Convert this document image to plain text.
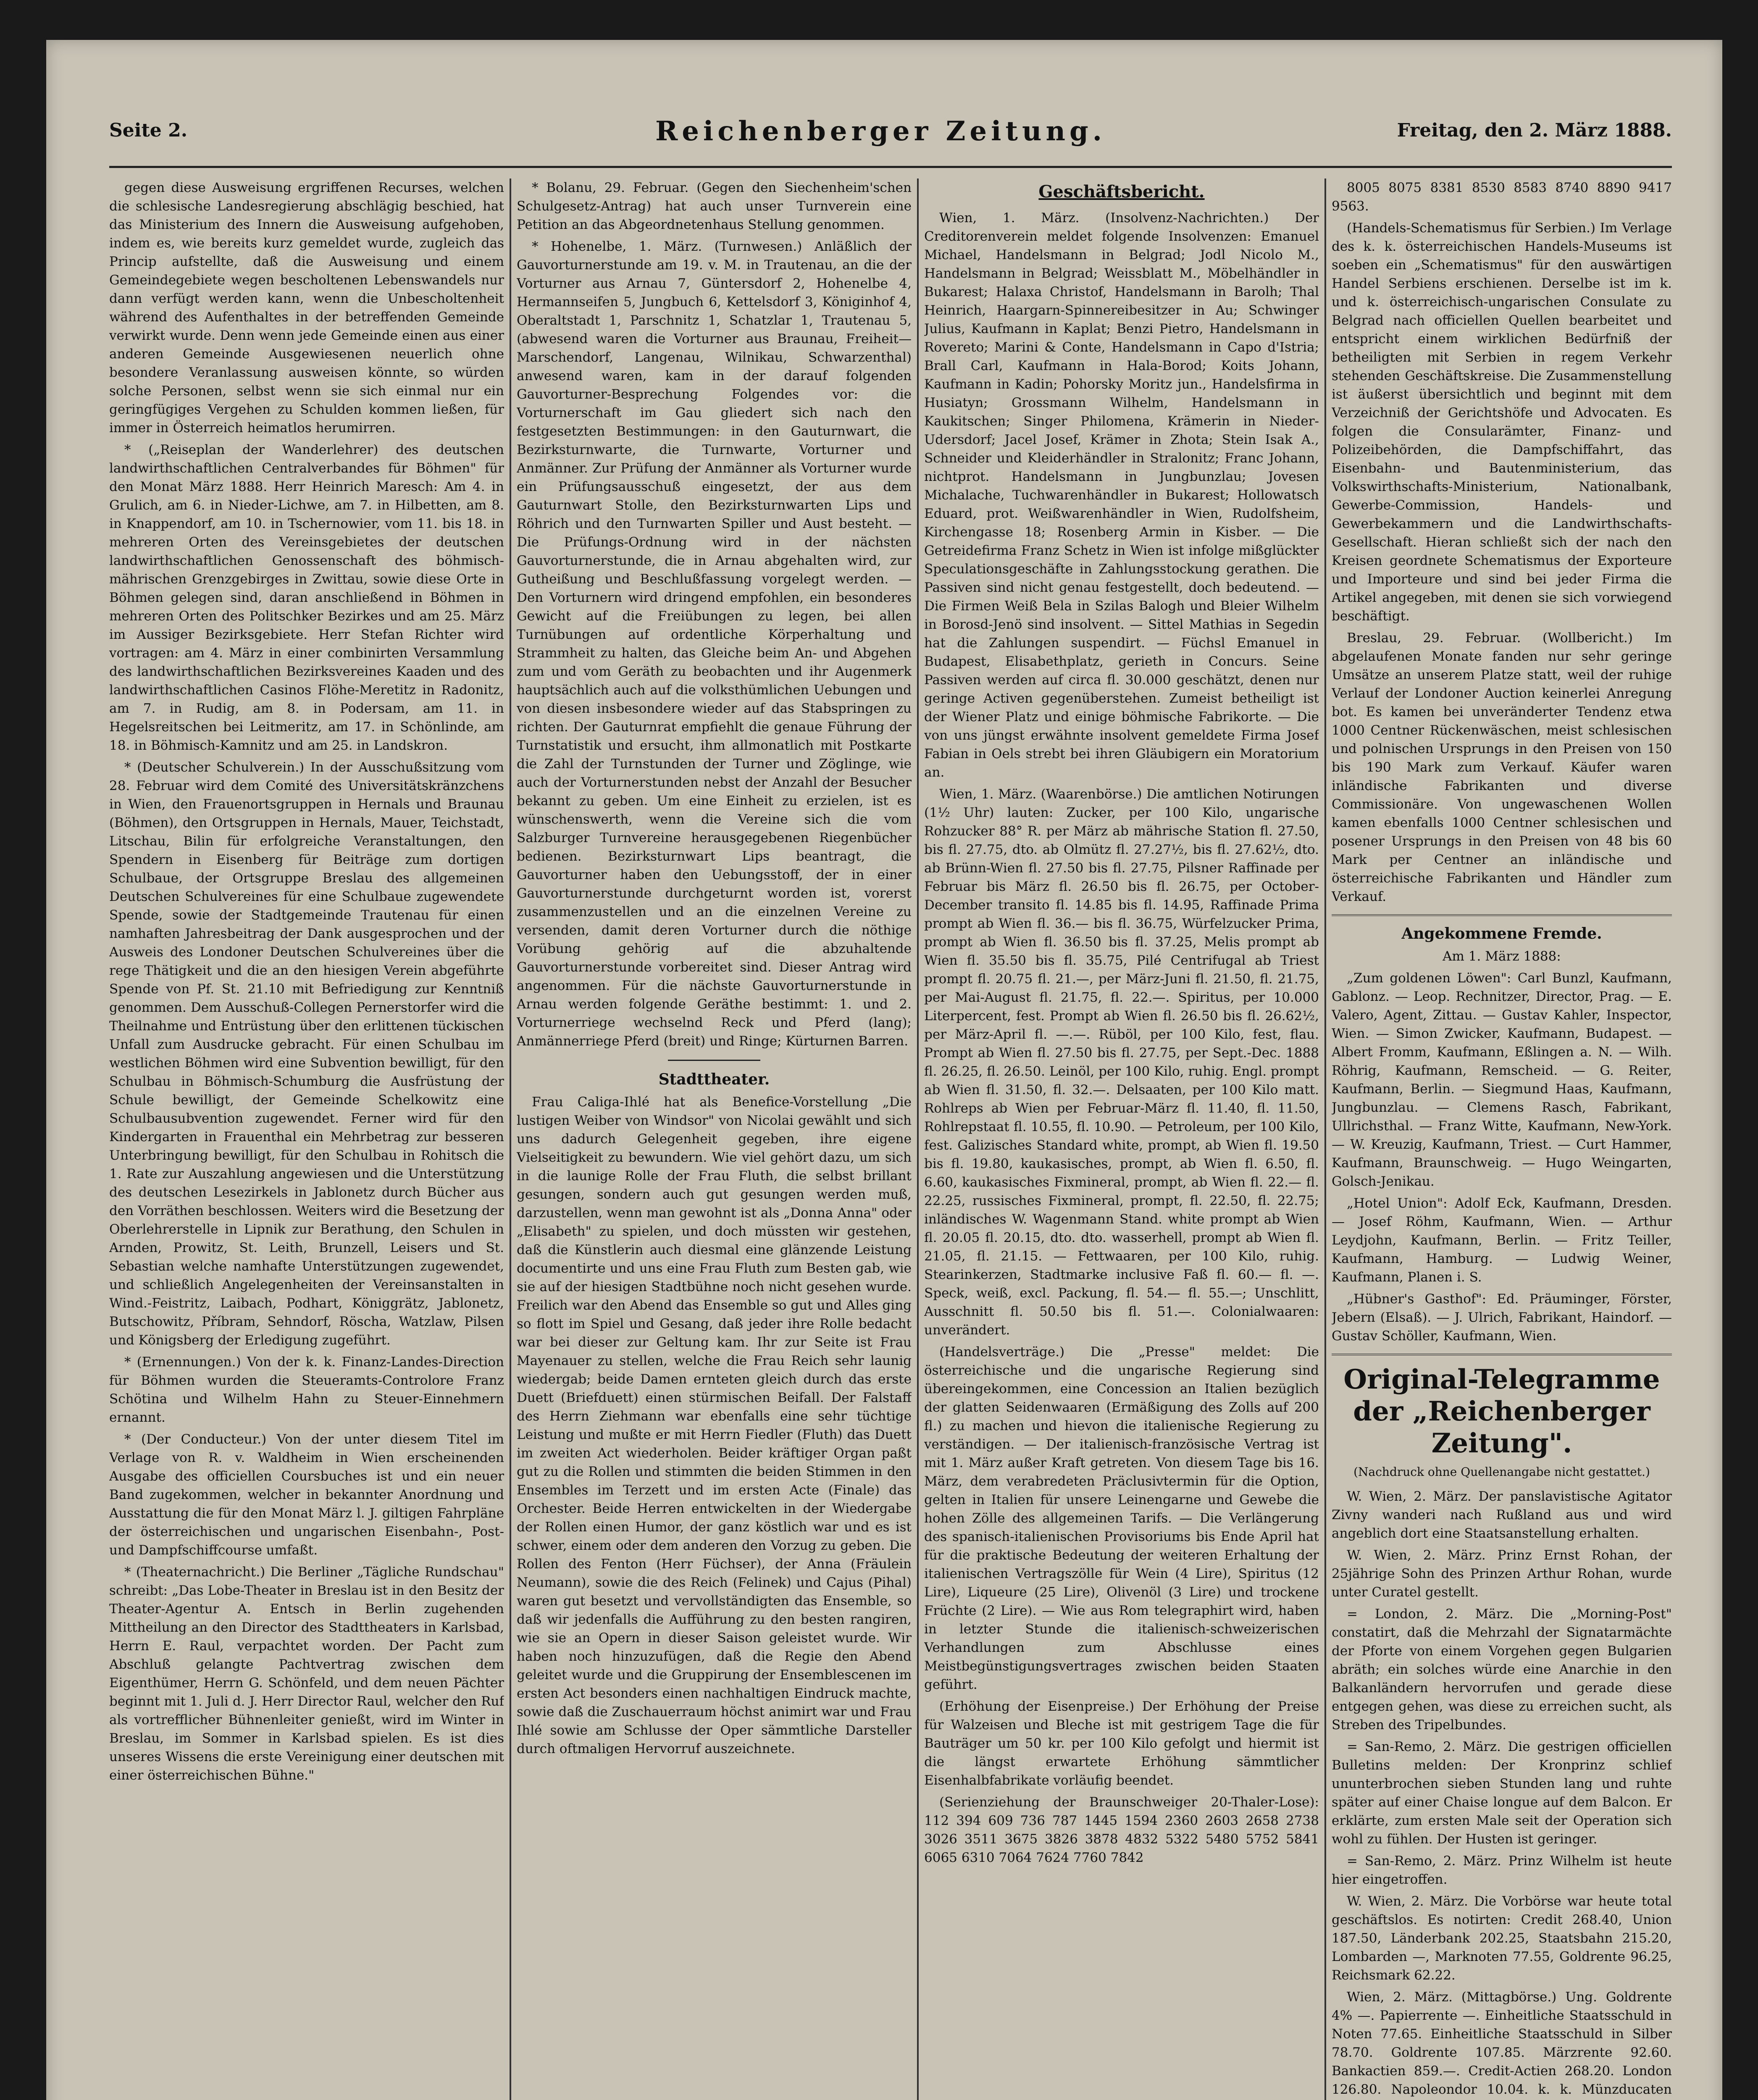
Seite 2.	Reichenberger Zeitung.	Freitag, den 2. März 1888.

gegen diese Ausweisung ergriffenen Recurses, welchen die schlesische Landesregierung abschlägig beschied, hat das Ministerium des Innern die Ausweisung aufgehoben, indem es, wie bereits kurz gemeldet wurde, zugleich das Princip aufstellte, daß die Ausweisung und einem Gemeindegebiete wegen bescholtenen Lebenswandels nur dann verfügt werden kann, wenn die Unbescholtenheit während des Aufenthaltes in der betreffenden Gemeinde verwirkt wurde. Denn wenn jede Gemeinde einen aus einer anderen Gemeinde Ausgewiesenen neuerlich ohne besondere Veranlassung ausweisen könnte, so würden solche Personen, selbst wenn sie sich einmal nur ein geringfügiges Vergehen zu Schulden kommen ließen, für immer in Österreich heimatlos herumirren.

* („Reiseplan der Wanderlehrer) des deutschen landwirthschaftlichen Centralverbandes für Böhmen" für den Monat März 1888. Herr Heinrich Maresch: Am 4. in Grulich, am 6. in Nieder-Lichwe, am 7. in Hilbetten, am 8. in Knappendorf, am 10. in Tschernowier, vom 11. bis 18. in mehreren Orten des Vereinsgebietes der deutschen landwirthschaftlichen Genossenschaft des böhmisch-mährischen Grenzgebirges in Zwittau, sowie diese Orte in Böhmen gelegen sind, daran anschließend in Böhmen in mehreren Orten des Politschker Bezirkes und am 25. März im Aussiger Bezirksgebiete. Herr Stefan Richter wird vortragen: am 4. März in einer combinirten Versammlung des landwirthschaftlichen Bezirksvereines Kaaden und des landwirthschaftlichen Casinos Flöhe-Meretitz in Radonitz, am 7. in Rudig, am 8. in Podersam, am 11. in Hegelsreitschen bei Leitmeritz, am 17. in Schönlinde, am 18. in Böhmisch-Kamnitz und am 25. in Landskron.

* (Deutscher Schulverein.) In der Ausschußsitzung vom 28. Februar wird dem Comité des Universitätskränzchens in Wien, den Frauenortsgruppen in Hernals und Braunau (Böhmen), den Ortsgruppen in Hernals, Mauer, Teichstadt, Litschau, Bilin für erfolgreiche Veranstaltungen, den Spendern in Eisenberg für Beiträge zum dortigen Schulbaue, der Ortsgruppe Breslau des allgemeinen Deutschen Schulvereines für eine Schulbaue zugewendete Spende, sowie der Stadtgemeinde Trautenau für einen namhaften Jahresbeitrag der Dank ausgesprochen und der Ausweis des Londoner Deutschen Schulvereines über die rege Thätigkeit und die an den hiesigen Verein abgeführte Spende von Pf. St. 21.10 mit Befriedigung zur Kenntniß genommen. Dem Ausschuß-Collegen Pernerstorfer wird die Theilnahme und Entrüstung über den erlittenen tückischen Unfall zum Ausdrucke gebracht. Für einen Schulbau im westlichen Böhmen wird eine Subvention bewilligt, für den Schulbau in Böhmisch-Schumburg die Ausfrüstung der Schule bewilligt, der Gemeinde Schelkowitz eine Schulbausubvention zugewendet. Ferner wird für den Kindergarten in Frauenthal ein Mehrbetrag zur besseren Unterbringung bewilligt, für den Schulbau in Rohitsch die 1. Rate zur Auszahlung angewiesen und die Unterstützung des deutschen Lesezirkels in Jablonetz durch Bücher aus den Vorräthen beschlossen. Weiters wird die Besetzung der Oberlehrerstelle in Lipnik zur Berathung, den Schulen in Arnden, Prowitz, St. Leith, Brunzell, Leisers und St. Sebastian welche namhafte Unterstützungen zugewendet, und schließlich Angelegenheiten der Vereinsanstalten in Wind.-Feistritz, Laibach, Podhart, Königgrätz, Jablonetz, Butschowitz, Příbram, Sehndorf, Röscha, Watzlaw, Pilsen und Königsberg der Erledigung zugeführt.

* (Ernennungen.) Von der k. k. Finanz-Landes-Direction für Böhmen wurden die Steueramts-Controlore Franz Schötina und Wilhelm Hahn zu Steuer-Einnehmern ernannt.

* (Der Conducteur.) Von der unter diesem Titel im Verlage von R. v. Waldheim in Wien erscheinenden Ausgabe des officiellen Coursbuches ist und ein neuer Band zugekommen, welcher in bekannter Anordnung und Ausstattung die für den Monat März l. J. giltigen Fahrpläne der österreichischen und ungarischen Eisenbahn-, Post- und Dampfschiffcourse umfaßt.

* (Theaternachricht.) Die Berliner „Tägliche Rundschau" schreibt: „Das Lobe-Theater in Breslau ist in den Besitz der Theater-Agentur A. Entsch in Berlin zugehenden Mittheilung an den Director des Stadttheaters in Karlsbad, Herrn E. Raul, verpachtet worden. Der Pacht zum Abschluß gelangte Pachtvertrag zwischen dem Eigenthümer, Herrn G. Schönfeld, und dem neuen Pächter beginnt mit 1. Juli d. J. Herr Director Raul, welcher den Ruf als vortrefflicher Bühnenleiter genießt, wird im Winter in Breslau, im Sommer in Karlsbad spielen. Es ist dies unseres Wissens die erste Vereinigung einer deutschen mit einer österreichischen Bühne."

* Bolanu, 29. Februar. (Gegen den Siechenheim'schen Schulgesetz-Antrag) hat auch unser Turnverein eine Petition an das Abgeordnetenhaus Stellung genommen.

* Hohenelbe, 1. März. (Turnwesen.) Anläßlich der Gauvorturnerstunde am 19. v. M. in Trautenau, an die der Vorturner aus Arnau 7, Güntersdorf 2, Hohenelbe 4, Hermannseifen 5, Jungbuch 6, Kettelsdorf 3, Königinhof 4, Oberaltstadt 1, Parschnitz 1, Schatzlar 1, Trautenau 5, (abwesend waren die Vorturner aus Braunau, Freiheit—Marschendorf, Langenau, Wilnikau, Schwarzenthal) anwesend waren, kam in der darauf folgenden Gauvorturner-Besprechung Folgendes vor: die Vorturnerschaft im Gau gliedert sich nach den festgesetzten Bestimmungen: in den Gauturnwart, die Bezirksturnwarte, die Turnwarte, Vorturner und Anmänner. Zur Prüfung der Anmänner als Vorturner wurde ein Prüfungsausschuß eingesetzt, der aus dem Gauturnwart Stolle, den Bezirksturnwarten Lips und Röhrich und den Turnwarten Spiller und Aust besteht. — Die Prüfungs-Ordnung wird in der nächsten Gauvorturnerstunde, die in Arnau abgehalten wird, zur Gutheißung und Beschlußfassung vorgelegt werden. — Den Vorturnern wird dringend empfohlen, ein besonderes Gewicht auf die Freiübungen zu legen, bei allen Turnübungen auf ordentliche Körperhaltung und Strammheit zu halten, das Gleiche beim An- und Abgehen zum und vom Geräth zu beobachten und ihr Augenmerk hauptsächlich auch auf die volksthümlichen Uebungen und von diesen insbesondere wieder auf das Stabspringen zu richten. Der Gauturnrat empfiehlt die genaue Führung der Turnstatistik und ersucht, ihm allmonatlich mit Postkarte die Zahl der Turnstunden der Turner und Zöglinge, wie auch der Vorturnerstunden nebst der Anzahl der Besucher bekannt zu geben. Um eine Einheit zu erzielen, ist es wünschenswerth, wenn die Vereine sich die vom Salzburger Turnvereine herausgegebenen Riegenbücher bedienen. Bezirksturnwart Lips beantragt, die Gauvorturner haben den Uebungsstoff, der in einer Gauvorturnerstunde durchgeturnt worden ist, vorerst zusammenzustellen und an die einzelnen Vereine zu versenden, damit deren Vorturner durch die nöthige Vorübung gehörig auf die abzuhaltende Gauvorturnerstunde vorbereitet sind. Dieser Antrag wird angenommen. Für die nächste Gauvorturnerstunde in Arnau werden folgende Geräthe bestimmt: 1. und 2. Vorturnerriege wechselnd Reck und Pferd (lang); Anmännerriege Pferd (breit) und Ringe; Kürturnen Barren.

Stadttheater.

Frau Caliga-Ihlé hat als Benefice-Vorstellung „Die lustigen Weiber von Windsor" von Nicolai gewählt und sich uns dadurch Gelegenheit gegeben, ihre eigene Vielseitigkeit zu bewundern. Wie viel gehört dazu, um sich in die launige Rolle der Frau Fluth, die selbst brillant gesungen, sondern auch gut gesungen werden muß, darzustellen, wenn man gewohnt ist als „Donna Anna" oder „Elisabeth" zu spielen, und doch müssten wir gestehen, daß die Künstlerin auch diesmal eine glänzende Leistung documentirte und uns eine Frau Fluth zum Besten gab, wie sie auf der hiesigen Stadtbühne noch nicht gesehen wurde. Freilich war den Abend das Ensemble so gut und Alles ging so flott im Spiel und Gesang, daß jeder ihre Rolle bedacht war bei dieser zur Geltung kam. Ihr zur Seite ist Frau Mayenauer zu stellen, welche die Frau Reich sehr launig wiedergab; beide Damen ernteten gleich durch das erste Duett (Briefduett) einen stürmischen Beifall. Der Falstaff des Herrn Ziehmann war ebenfalls eine sehr tüchtige Leistung und mußte er mit Herrn Fiedler (Fluth) das Duett im zweiten Act wiederholen. Beider kräftiger Organ paßt gut zu die Rollen und stimmten die beiden Stimmen in den Ensembles im Terzett und im ersten Acte (Finale) das Orchester. Beide Herren entwickelten in der Wiedergabe der Rollen einen Humor, der ganz köstlich war und es ist schwer, einem oder dem anderen den Vorzug zu geben. Die Rollen des Fenton (Herr Füchser), der Anna (Fräulein Neumann), sowie die des Reich (Felinek) und Cajus (Pihal) waren gut besetzt und vervollständigten das Ensemble, so daß wir jedenfalls die Aufführung zu den besten rangiren, wie sie an Opern in dieser Saison geleistet wurde. Wir haben noch hinzuzufügen, daß die Regie den Abend geleitet wurde und die Gruppirung der Ensemblescenen im ersten Act besonders einen nachhaltigen Eindruck machte, sowie daß die Zuschauerraum höchst animirt war und Frau Ihlé sowie am Schlusse der Oper sämmtliche Darsteller durch oftmaligen Hervorruf auszeichnete.

Geschäftsbericht.

Wien, 1. März. (Insolvenz-Nachrichten.) Der Creditorenverein meldet folgende Insolvenzen: Emanuel Michael, Handelsmann in Belgrad; Jodl Nicolo M., Handelsmann in Belgrad; Weissblatt M., Möbelhändler in Bukarest; Halaxa Christof, Handelsmann in Barolh; Thal Heinrich, Haargarn-Spinnereibesitzer in Au; Schwinger Julius, Kaufmann in Kaplat; Benzi Pietro, Handelsmann in Rovereto; Marini & Conte, Handelsmann in Capo d'Istria; Brall Carl, Kaufmann in Hala-Borod; Koits Johann, Kaufmann in Kadin; Pohorsky Moritz jun., Handelsfirma in Husiatyn; Grossmann Wilhelm, Handelsmann in Kaukitschen; Singer Philomena, Krämerin in Nieder-Udersdorf; Jacel Josef, Krämer in Zhota; Stein Isak A., Schneider und Kleiderhändler in Stralonitz; Franc Johann, nichtprot. Handelsmann in Jungbunzlau; Jovesen Michalache, Tuchwarenhändler in Bukarest; Hollowatsch Eduard, prot. Weißwarenhändler in Wien, Rudolfsheim, Kirchengasse 18; Rosenberg Armin in Kisber. — Die Getreidefirma Franz Schetz in Wien ist infolge mißglückter Speculationsgeschäfte in Zahlungsstockung gerathen. Die Passiven sind nicht genau festgestellt, doch bedeutend. — Die Firmen Weiß Bela in Szilas Balogh und Bleier Wilhelm in Borosd-Jenö sind insolvent. — Sittel Mathias in Segedin hat die Zahlungen suspendirt. — Füchsl Emanuel in Budapest, Elisabethplatz, gerieth in Concurs. Seine Passiven werden auf circa fl. 30.000 geschätzt, denen nur geringe Activen gegenüberstehen. Zumeist betheiligt ist der Wiener Platz und einige böhmische Fabrikorte. — Die von uns jüngst erwähnte insolvent gemeldete Firma Josef Fabian in Oels strebt bei ihren Gläubigern ein Moratorium an.

Wien, 1. März. (Waarenbörse.) Die amtlichen Notirungen (1½ Uhr) lauten: Zucker, per 100 Kilo, ungarische Rohzucker 88° R. per März ab mährische Station fl. 27.50, bis fl. 27.75, dto. ab Olmütz fl. 27.27½, bis fl. 27.62½, dto. ab Brünn-Wien fl. 27.50 bis fl. 27.75, Pilsner Raffinade per Februar bis März fl. 26.50 bis fl. 26.75, per October-December transito fl. 14.85 bis fl. 14.95, Raffinade Prima prompt ab Wien fl. 36.— bis fl. 36.75, Würfelzucker Prima, prompt ab Wien fl. 36.50 bis fl. 37.25, Melis prompt ab Wien fl. 35.50 bis fl. 35.75, Pilé Centrifugal ab Triest prompt fl. 20.75 fl. 21.—, per März-Juni fl. 21.50, fl. 21.75, per Mai-August fl. 21.75, fl. 22.—. Spiritus, per 10.000 Literpercent, fest. Prompt ab Wien fl. 26.50 bis fl. 26.62½, per März-April fl. —.—. Rüböl, per 100 Kilo, fest, flau. Prompt ab Wien fl. 27.50 bis fl. 27.75, per Sept.-Dec. 1888 fl. 26.25, fl. 26.50. Leinöl, per 100 Kilo, ruhig. Engl. prompt ab Wien fl. 31.50, fl. 32.—. Delsaaten, per 100 Kilo matt. Rohlreps ab Wien per Februar-März fl. 11.40, fl. 11.50, Rohlrepstaat fl. 10.55, fl. 10.90. — Petroleum, per 100 Kilo, fest. Galizisches Standard white, prompt, ab Wien fl. 19.50 bis fl. 19.80, kaukasisches, prompt, ab Wien fl. 6.50, fl. 6.60, kaukasisches Fixmineral, prompt, ab Wien fl. 22.— fl. 22.25, russisches Fixmineral, prompt, fl. 22.50, fl. 22.75; inländisches W. Wagenmann Stand. white prompt ab Wien fl. 20.05 fl. 20.15, dto. dto. wasserhell, prompt ab Wien fl. 21.05, fl. 21.15. — Fettwaaren, per 100 Kilo, ruhig. Stearinkerzen, Stadtmarke inclusive Faß fl. 60.— fl. —. Speck, weiß, excl. Packung, fl. 54.— fl. 55.—; Unschlitt, Ausschnitt fl. 50.50 bis fl. 51.—. Colonialwaaren: unverändert.

(Handelsverträge.) Die „Presse" meldet: Die österreichische und die ungarische Regierung sind übereingekommen, eine Concession an Italien bezüglich der glatten Seidenwaaren (Ermäßigung des Zolls auf 200 fl.) zu machen und hievon die italienische Regierung zu verständigen. — Der italienisch-französische Vertrag ist mit 1. März außer Kraft getreten. Von diesem Tage bis 16. März, dem verabredeten Präclusivtermin für die Option, gelten in Italien für unsere Leinengarne und Gewebe die hohen Zölle des allgemeinen Tarifs. — Die Verlängerung des spanisch-italienischen Provisoriums bis Ende April hat für die praktische Bedeutung der weiteren Erhaltung der italienischen Vertragszölle für Wein (4 Lire), Spiritus (12 Lire), Liqueure (25 Lire), Olivenöl (3 Lire) und trockene Früchte (2 Lire). — Wie aus Rom telegraphirt wird, haben in letzter Stunde die italienisch-schweizerischen Verhandlungen zum Abschlusse eines Meistbegünstigungsvertrages zwischen beiden Staaten geführt.

(Erhöhung der Eisenpreise.) Der Erhöhung der Preise für Walzeisen und Bleche ist mit gestrigem Tage die für Bauträger um 50 kr. per 100 Kilo gefolgt und hiermit ist die längst erwartete Erhöhung sämmtlicher Eisenhalbfabrikate vorläufig beendet.

(Serienziehung der Braunschweiger 20-Thaler-Lose): 112 394 609 736 787 1445 1594 2360 2603 2658 2738 3026 3511 3675 3826 3878 4832 5322 5480 5752 5841 6065 6310 7064 7624 7760 7842

8005 8075 8381 8530 8583 8740 8890 9417 9563.

(Handels-Schematismus für Serbien.) Im Verlage des k. k. österreichischen Handels-Museums ist soeben ein „Schematismus" für den auswärtigen Handel Serbiens erschienen. Derselbe ist im k. und k. österreichisch-ungarischen Consulate zu Belgrad nach officiellen Quellen bearbeitet und entspricht einem wirklichen Bedürfniß der betheiligten mit Serbien in regem Verkehr stehenden Geschäftskreise. Die Zusammenstellung ist äußerst übersichtlich und beginnt mit dem Verzeichniß der Gerichtshöfe und Advocaten. Es folgen die Consularämter, Finanz- und Polizeibehörden, die Dampfschiffahrt, das Eisenbahn- und Bautenministerium, das Volkswirthschafts-Ministerium, Nationalbank, Gewerbe-Commission, Handels- und Gewerbekammern und die Landwirthschafts-Gesellschaft. Hieran schließt sich der nach den Kreisen geordnete Schematismus der Exporteure und Importeure und sind bei jeder Firma die Artikel angegeben, mit denen sie sich vorwiegend beschäftigt.

Breslau, 29. Februar. (Wollbericht.) Im abgelaufenen Monate fanden nur sehr geringe Umsätze an unserem Platze statt, weil der ruhige Verlauf der Londoner Auction keinerlei Anregung bot. Es kamen bei unveränderter Tendenz etwa 1000 Centner Rückenwäschen, meist schlesischen und polnischen Ursprungs in den Preisen von 150 bis 190 Mark zum Verkauf. Käufer waren inländische Fabrikanten und diverse Commissionäre. Von ungewaschenen Wollen kamen ebenfalls 1000 Centner schlesischen und posener Ursprungs in den Preisen von 48 bis 60 Mark per Centner an inländische und österreichische Fabrikanten und Händler zum Verkauf.

Angekommene Fremde.

Am 1. März 1888:

„Zum goldenen Löwen": Carl Bunzl, Kaufmann, Gablonz. — Leop. Rechnitzer, Director, Prag. — E. Valero, Agent, Zittau. — Gustav Kahler, Inspector, Wien. — Simon Zwicker, Kaufmann, Budapest. — Albert Fromm, Kaufmann, Eßlingen a. N. — Wilh. Röhrig, Kaufmann, Remscheid. — G. Reiter, Kaufmann, Berlin. — Siegmund Haas, Kaufmann, Jungbunzlau. — Clemens Rasch, Fabrikant, Ullrichsthal. — Franz Witte, Kaufmann, New-York. — W. Kreuzig, Kaufmann, Triest. — Curt Hammer, Kaufmann, Braunschweig. — Hugo Weingarten, Golsch-Jenikau.

„Hotel Union": Adolf Eck, Kaufmann, Dresden. — Josef Röhm, Kaufmann, Wien. — Arthur Leydjohn, Kaufmann, Berlin. — Fritz Teiller, Kaufmann, Hamburg. — Ludwig Weiner, Kaufmann, Planen i. S.

„Hübner's Gasthof": Ed. Präuminger, Förster, Jebern (Elsaß). — J. Ulrich, Fabrikant, Haindorf. — Gustav Schöller, Kaufmann, Wien.

Original-Telegramme der „Reichenberger Zeitung".
(Nachdruck ohne Quellenangabe nicht gestattet.)

W. Wien, 2. März. Der panslavistische Agitator Zivny wanderi nach Rußland aus und wird angeblich dort eine Staatsanstellung erhalten.

W. Wien, 2. März. Prinz Ernst Rohan, der 25jährige Sohn des Prinzen Arthur Rohan, wurde unter Curatel gestellt.

= London, 2. März. Die „Morning-Post" constatirt, daß die Mehrzahl der Signatarmächte der Pforte von einem Vorgehen gegen Bulgarien abräth; ein solches würde eine Anarchie in den Balkanländern hervorrufen und gerade diese entgegen gehen, was diese zu erreichen sucht, als Streben des Tripelbundes.

= San-Remo, 2. März. Die gestrigen officiellen Bulletins melden: Der Kronprinz schlief ununterbrochen sieben Stunden lang und ruhte später auf einer Chaise longue auf dem Balcon. Er erklärte, zum ersten Male seit der Operation sich wohl zu fühlen. Der Husten ist geringer.

= San-Remo, 2. März. Prinz Wilhelm ist heute hier eingetroffen.

W. Wien, 2. März. Die Vorbörse war heute total geschäftslos. Es notirten: Credit 268.40, Union 187.50, Länderbank 202.25, Staatsbahn 215.20, Lombarden —, Marknoten 77.55, Goldrente 96.25, Reichsmark 62.22.

Wien, 2. März. (Mittagbörse.) Ung. Goldrente 4% —. Papierrente —. Einheitliche Staatsschuld in Noten 77.65. Einheitliche Staatsschuld in Silber 78.70. Goldrente 107.85. Märzrente 92.60. Bankactien 859.—. Credit-Actien 268.20. London 126.80. Napoleondor 10.04. k. k. Münzducaten
